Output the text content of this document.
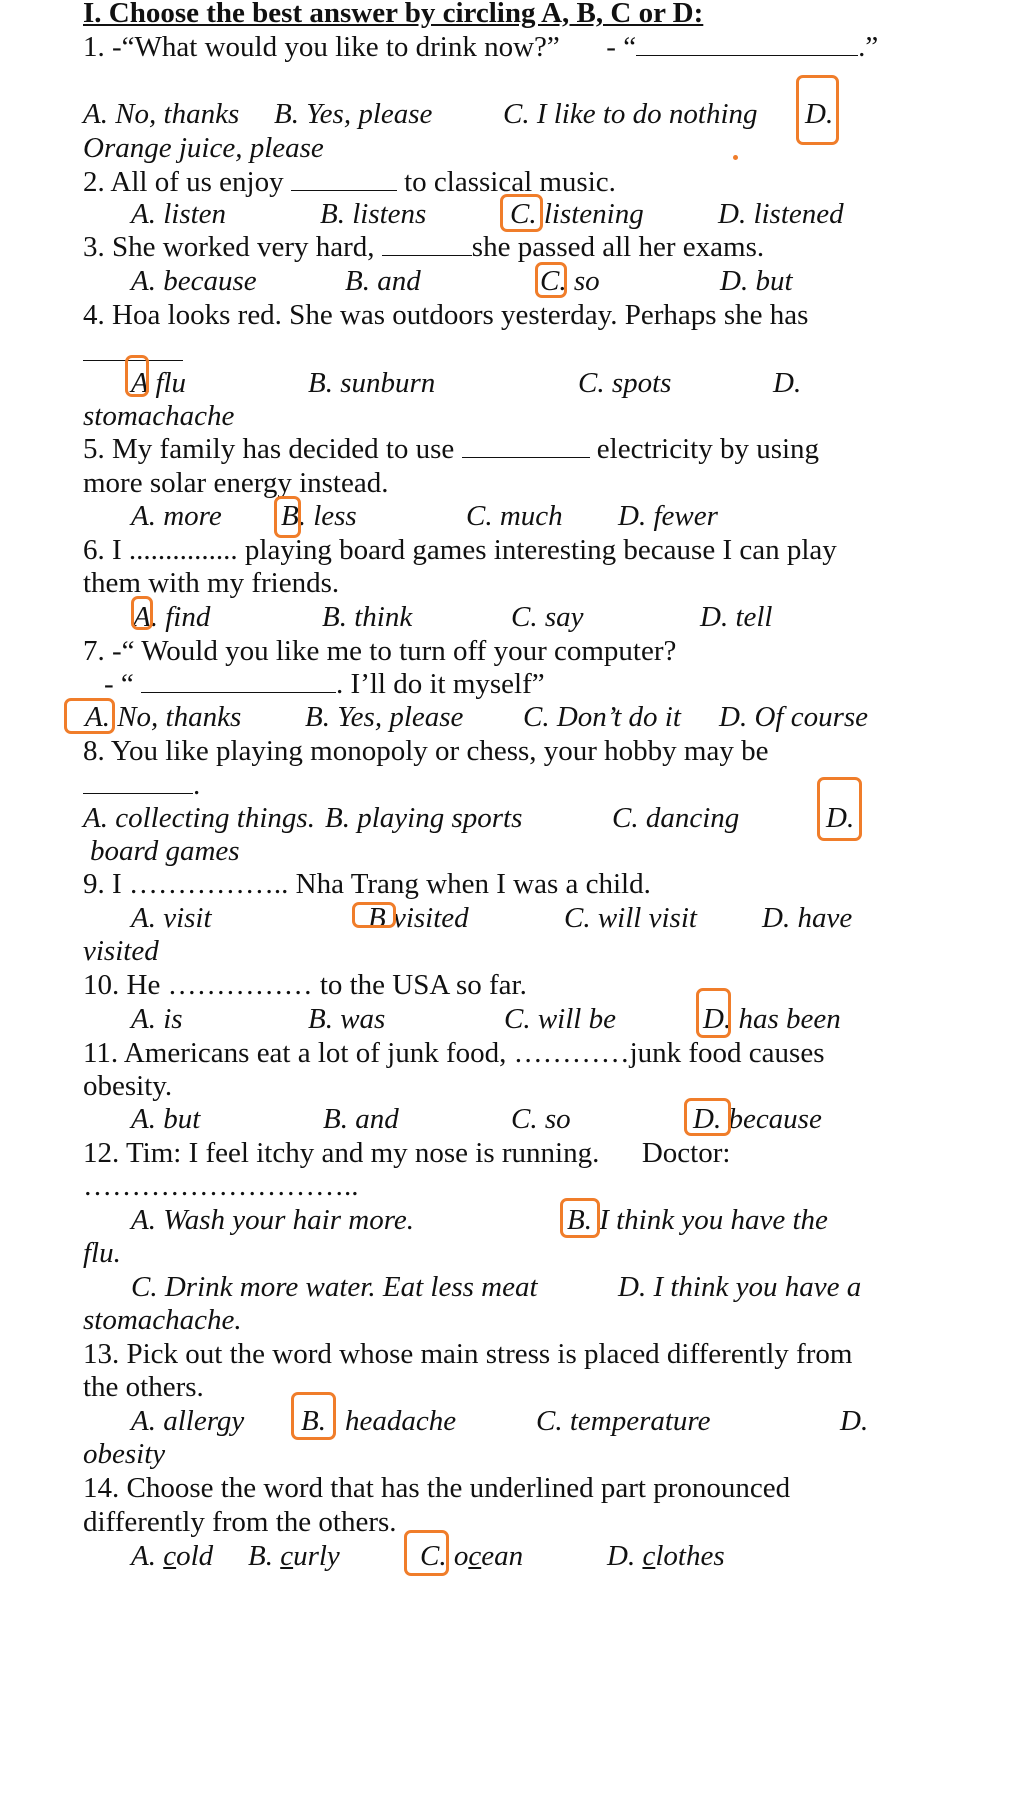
I. Choose the best answer by circling A, B, C or D:
1. -“What would you like to drink now?” - “	.”
A. No, thanks B. Yes, please C. I like to do nothing D.
Orange juice, please
2. All of us enjoy	to classical music.
A. listen	B. listens	C. listening	D. listened
3. She worked very hard,	she passed all her exams.
A. because	B. and	C. so	D. but
4. Hoa looks red. She was outdoors yesterday. Perhaps she has
A flu	B. sunburn	C. spots	D.
stomachache
5. My family has decided to use	electricity by using
more solar energy instead.
A. more B. less	C. much D. fewer
6. I ............... playing board games interesting because I can play
them with my friends.
A. find	B. think	C. say	D. tell
7. -“ Would you like me to turn off your computer?
- “	. I’ll do it myself”
A. No, thanks B. Yes, please C. Don’t do it D. Of course
8. You like playing monopoly or chess, your hobby may be
.
A. collecting things. B. playing sports	C. dancing	D.
board games
9. I …………….. Nha Trang when I was a child.
A. visit	B visited	C. will visit D. have
visited
10. He …………… to the USA so far.
A. is	B. was	C. will be	D. has been
11. Americans eat a lot of junk food, …………junk food causes
obesity.
A. but	B. and	C. so	D. because
12. Tim: I feel itchy and my nose is running. Doctor:
………………………..
A. Wash your hair more.	B. I think you have the
flu.
C. Drink more water. Eat less meat	D. I think you have a
stomachache.
13. Pick out the word whose main stress is placed differently from
the others.
A. allergy B. headache	C. temperature	D.
obesity
14. Choose the word that has the underlined part pronounced
differently from the others.
A. cold B. curly	C. ocean	D. clothes
